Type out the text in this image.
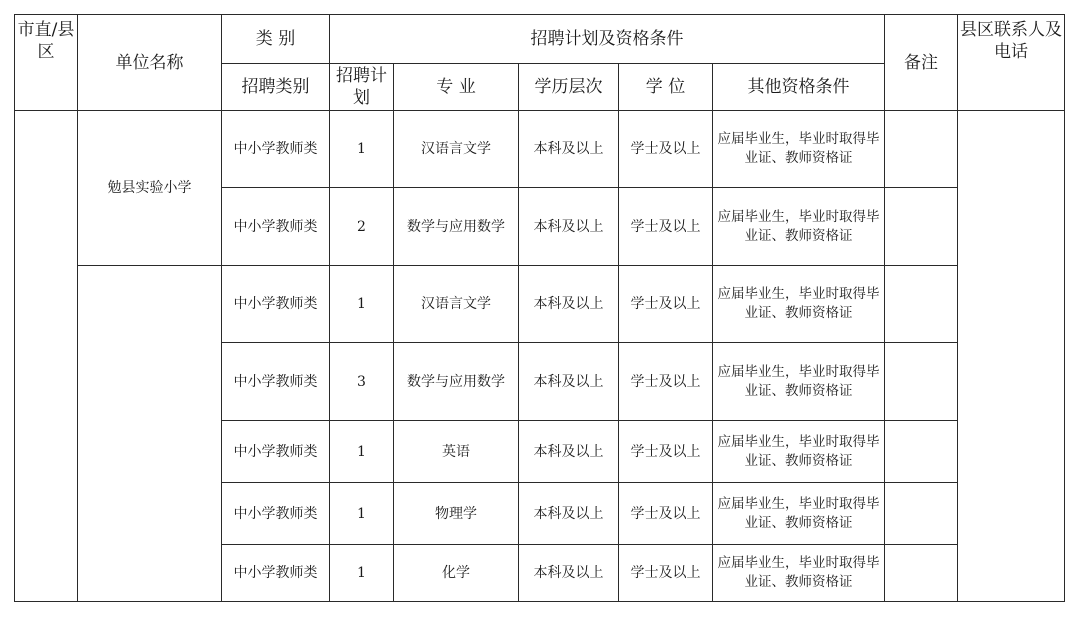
市直/县区	单位名称	类 别	招聘计划及资格条件					备注	县区联系人及电话
		招聘类别	招聘计划	专 业	学历层次	学 位	其他资格条件		
	勉县实验小学	中小学教师类	1	汉语言文学	本科及以上	学士及以上	应届毕业生，毕业时取得毕业证、教师资格证		
		中小学教师类	2	数学与应用数学	本科及以上	学士及以上	应届毕业生，毕业时取得毕业证、教师资格证		
		中小学教师类	1	汉语言文学	本科及以上	学士及以上	应届毕业生，毕业时取得毕业证、教师资格证		
		中小学教师类	3	数学与应用数学	本科及以上	学士及以上	应届毕业生，毕业时取得毕业证、教师资格证		
		中小学教师类	1	英语	本科及以上	学士及以上	应届毕业生，毕业时取得毕业证、教师资格证		
		中小学教师类	1	物理学	本科及以上	学士及以上	应届毕业生，毕业时取得毕业证、教师资格证		
		中小学教师类	1	化学	本科及以上	学士及以上	应届毕业生，毕业时取得毕业证、教师资格证		
